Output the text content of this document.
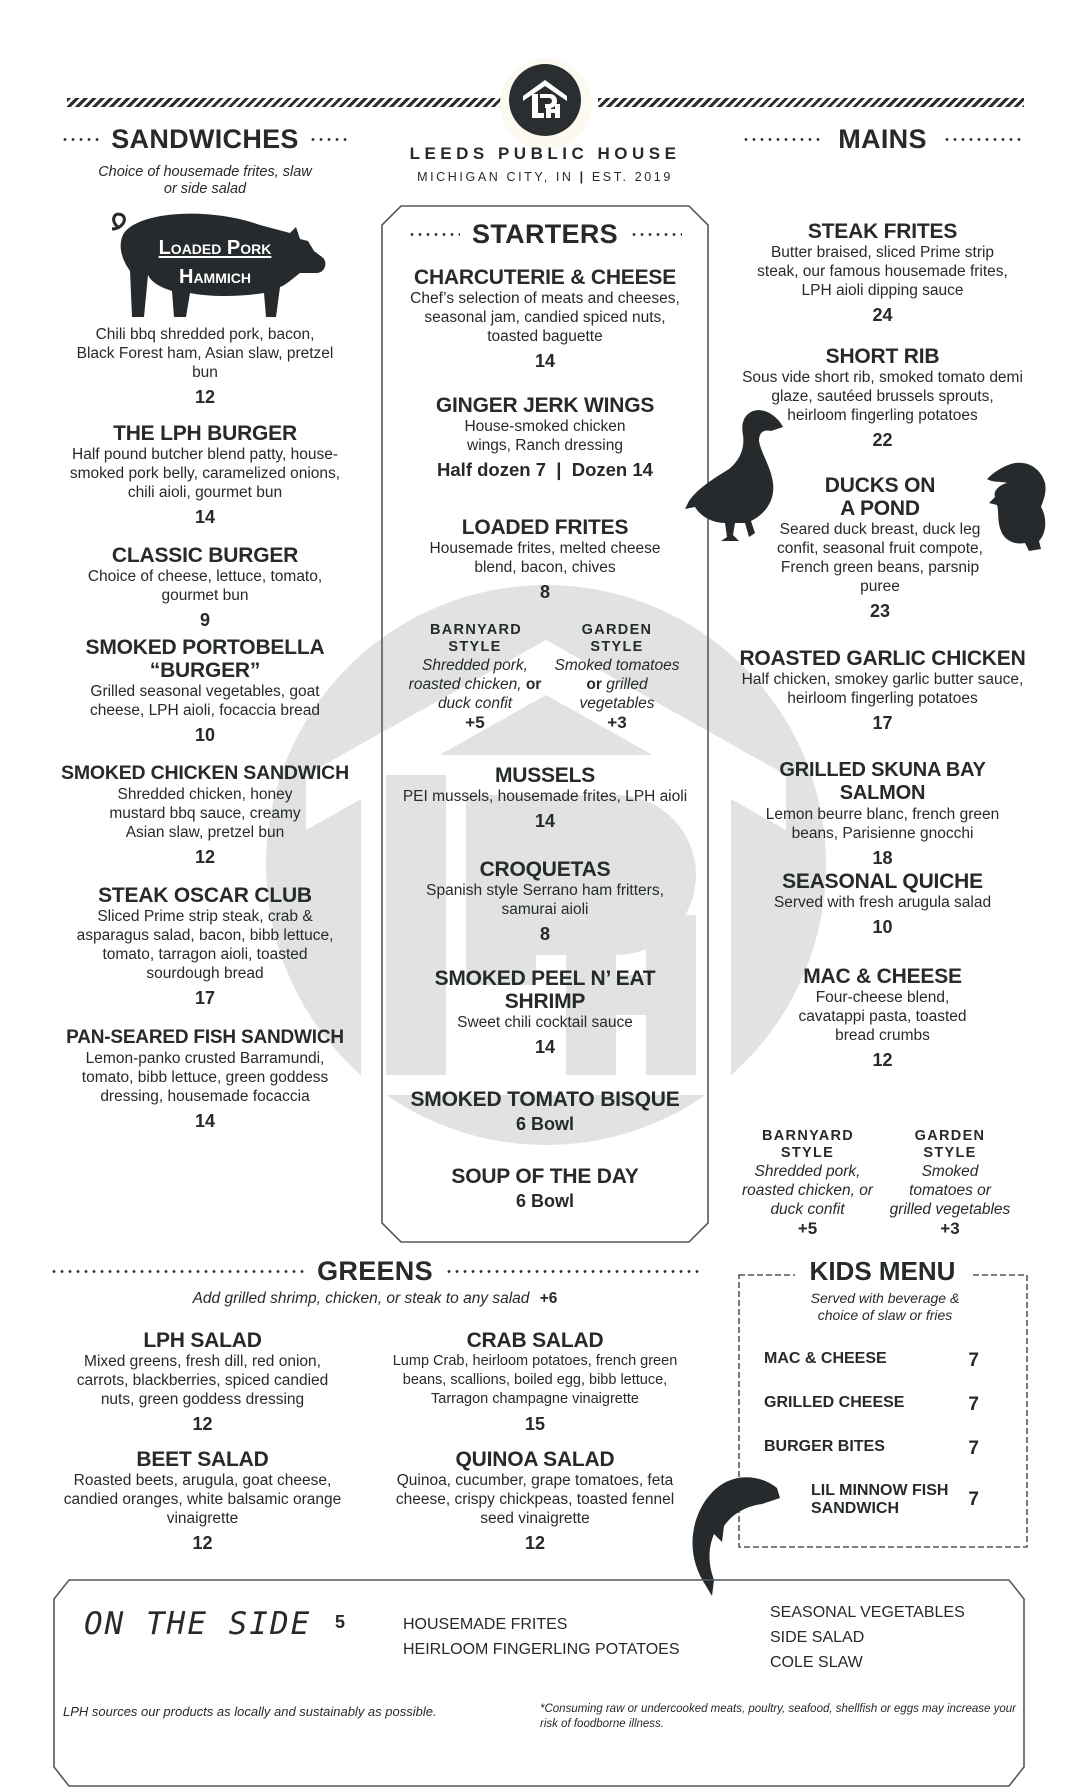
LEEDS PUBLIC HOUSE
MICHIGAN CITY, IN | EST. 2019
SANDWICHES
Choice of housemade frites, slaw or side salad
Loaded Pork
Hammich
Chili bbq shredded pork, bacon, Black Forest ham, Asian slaw, pretzel bun
12
THE LPH BURGER
Half pound butcher blend patty, house-smoked pork belly, caramelized onions, chili aioli, gourmet bun
14
CLASSIC BURGER
Choice of cheese, lettuce, tomato, gourmet bun
9
SMOKED PORTOBELLA “BURGER”
Grilled seasonal vegetables, goat cheese, LPH aioli, focaccia bread
10
SMOKED CHICKEN SANDWICH
Shredded chicken, honey mustard bbq sauce, creamy Asian slaw, pretzel bun
12
STEAK OSCAR CLUB
Sliced Prime strip steak, crab & asparagus salad, bacon, bibb lettuce, tomato, tarragon aioli, toasted sourdough bread
17
PAN-SEARED FISH SANDWICH
Lemon-panko crusted Barramundi, tomato, bibb lettuce, green goddess dressing, housemade focaccia
14
STARTERS
CHARCUTERIE & CHEESE
Chef’s selection of meats and cheeses, seasonal jam, candied spiced nuts, toasted baguette
14
GINGER JERK WINGS
House-smoked chicken wings, Ranch dressing
Half dozen 7  |  Dozen 14
LOADED FRITES
Housemade frites, melted cheese blend, bacon, chives
8
BARNYARD STYLE
Shredded pork, roasted chicken, or duck confit
+5
GARDEN STYLE
Smoked tomatoes
or grilled vegetables
+3
MUSSELS
PEI mussels, housemade frites, LPH aioli
14
CROQUETAS
Spanish style Serrano ham fritters, samurai aioli
8
SMOKED PEEL N’ EAT SHRIMP
Sweet chili cocktail sauce
14
SMOKED TOMATO BISQUE
6 Bowl
SOUP OF THE DAY
6 Bowl
MAINS
STEAK FRITES
Butter braised, sliced Prime strip steak, our famous housemade frites, LPH aioli dipping sauce
24
SHORT RIB
Sous vide short rib, smoked tomato demi glaze, sautéed brussels sprouts, heirloom fingerling potatoes
22
DUCKS ON A POND
Seared duck breast, duck leg confit, seasonal fruit compote, French green beans, parsnip puree
23
ROASTED GARLIC CHICKEN
Half chicken, smokey garlic butter sauce, heirloom fingerling potatoes
17
GRILLED SKUNA BAY SALMON
Lemon beurre blanc, french green beans, Parisienne gnocchi
18
SEASONAL QUICHE
Served with fresh arugula salad
10
MAC & CHEESE
Four-cheese blend, cavatappi pasta, toasted bread crumbs
12
BARNYARD STYLE
Shredded pork, roasted chicken, or duck confit
+5
GARDEN STYLE
Smoked tomatoes or grilled vegetables
+3
GREENS
Add grilled shrimp, chicken, or steak to any salad +6
LPH SALAD
Mixed greens, fresh dill, red onion, carrots, blackberries, spiced candied nuts, green goddess dressing
12
CRAB SALAD
Lump Crab, heirloom potatoes, french green beans, scallions, boiled egg, bibb lettuce, Tarragon champagne vinaigrette
15
BEET SALAD
Roasted beets, arugula, goat cheese, candied oranges, white balsamic orange vinaigrette
12
QUINOA SALAD
Quinoa, cucumber, grape tomatoes, feta cheese, crispy chickpeas, toasted fennel seed vinaigrette
12
KIDS MENU
Served with beverage & choice of slaw or fries
MAC & CHEESE	7
GRILLED CHEESE	7
BURGER BITES	7
LIL MINNOW FISH SANDWICH	7
ON THE SIDE 5	HOUSEMADE FRITES
HEIRLOOM FINGERLING POTATOES
SEASONAL VEGETABLES
SIDE SALAD
COLE SLAW
LPH sources our products as locally and sustainably as possible.	*Consuming raw or undercooked meats, poultry, seafood, shellfish or eggs may increase your risk of foodborne illness.
